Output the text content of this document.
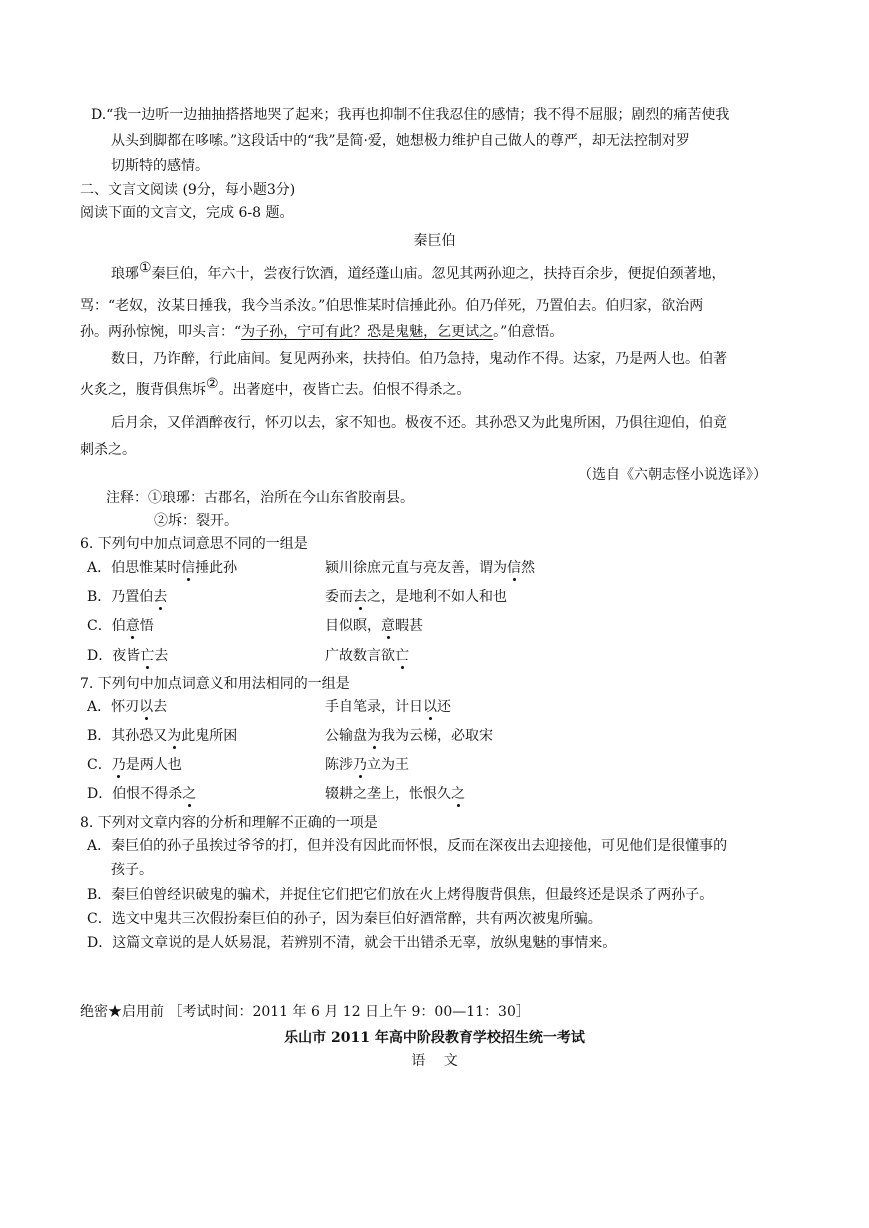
D.“我一边听一边抽抽搭搭地哭了起来；我再也抑制不住我忍住的感情；我不得不屈服；剧烈的痛苦使我
从头到脚都在哆嗦。”这段话中的“我”是简·爱，她想极力维护自己做人的尊严，却无法控制对罗
切斯特的感情。
二、文言文阅读 (9分，每小题3分)
阅读下面的文言文，完成 6-8 题。
秦巨伯
琅琊①秦巨伯，年六十，尝夜行饮酒，道经蓬山庙。忽见其两孙迎之，扶持百余步，便捉伯颈著地，
骂：“老奴，汝某日捶我，我今当杀汝。”伯思惟某时信捶此孙。伯乃佯死，乃置伯去。伯归家，欲治两
孙。两孙惊惋，叩头言：“为子孙，宁可有此？恐是鬼魅，乞更试之。”伯意悟。
数日，乃诈醉，行此庙间。复见两孙来，扶持伯。伯乃急持，鬼动作不得。达家，乃是两人也。伯著
火炙之，腹背俱焦坼②。出著庭中，夜皆亡去。伯恨不得杀之。
后月余，又佯酒醉夜行，怀刃以去，家不知也。极夜不还。其孙恐又为此鬼所困，乃俱往迎伯，伯竟
刺杀之。
（选自《六朝志怪小说选译》）
注释：①琅琊：古郡名，治所在今山东省胶南县。
②坼：裂开。
6. 下列句中加点词意思不同的一组是
A．伯思惟某时信捶此孙	颍川徐庶元直与亮友善，谓为信然
B．乃置伯去	委而去之，是地利不如人和也
C．伯意悟	目似瞑，意暇甚
D．夜皆亡去	广故数言欲亡
7. 下列句中加点词意义和用法相同的一组是
A．怀刃以去	手自笔录，计日以还
B．其孙恐又为此鬼所困	公输盘为我为云梯，必取宋
C．乃是两人也	陈涉乃立为王
D．伯恨不得杀之	辍耕之垄上，怅恨久之
8. 下列对文章内容的分析和理解不正确的一项是
A．秦巨伯的孙子虽挨过爷爷的打，但并没有因此而怀恨，反而在深夜出去迎接他，可见他们是很懂事的
孩子。
B．秦巨伯曾经识破鬼的骗术，并捉住它们把它们放在火上烤得腹背俱焦，但最终还是误杀了两孙子。
C．选文中鬼共三次假扮秦巨伯的孙子，因为秦巨伯好酒常醉，共有两次被鬼所骗。
D．这篇文章说的是人妖易混，若辨别不清，就会干出错杀无辜，放纵鬼魅的事情来。
绝密★启用前 ［考试时间：2011 年 6 月 12 日上午 9：00—11：30］
乐山市 2011 年高中阶段教育学校招生统一考试
语　 文
